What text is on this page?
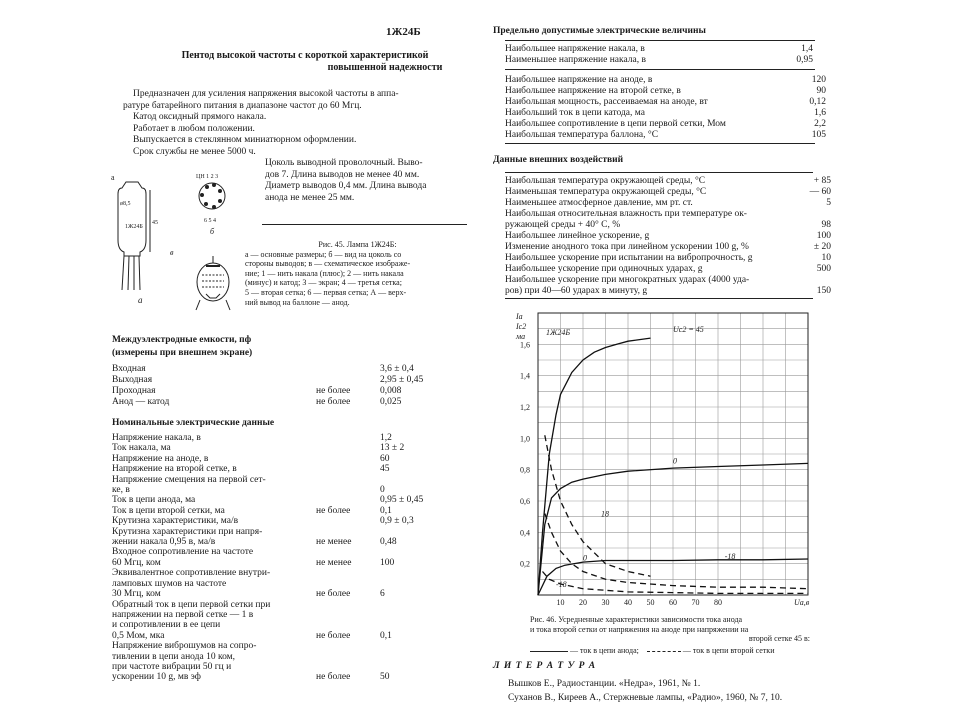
1Ж24Б
Пентод высокой частоты с короткой характеристикой
повышенной надежности
Предназначен для усиления напряжения высокой частоты в аппа-
ратуре батарейного питания в диапазоне частот до 60 Мгц.
Катод оксидный прямого накала.
Работает в любом положении.
Выпускается в стеклянном миниатюрном оформлении.
Срок службы не менее 5000 ч.
1Ж24Б
ø8,5
45
а
а
ЦН 1 2 3
6 5 4
б
в
Цоколь выводной проволочный. Выво-
дов 7. Длина выводов не менее 40 мм.
Диаметр выводов 0,4 мм. Длина вывода
анода не менее 25 мм.
Рис. 45. Лампа 1Ж24Б:
а — основные размеры; б — вид на цоколь со
стороны выводов; в — схематическое изображе-
ние; 1 — нить накала (плюс); 2 — нить накала
(минус) и катод; 3 — экран; 4 — третья сетка;
5 — вторая сетка; 6 — первая сетка; А — верх-
ний вывод на баллоне — анод.
Междуэлектродные емкости, пф
(измерены при внешнем экране)
Входная		3,6 ± 0,4
Выходная		2,95 ± 0,45
Проходная	не более	0,008
Анод — катод	не более	0,025
Номинальные электрические данные
Напряжение накала, в		1,2
Ток накала, ма		13 ± 2
Напряжение на аноде, в		60
Напряжение на второй сетке, в		45
Напряжение смещения на первой сет-		
ке, в		0
Ток в цепи анода, ма		0,95 ± 0,45
Ток в цепи второй сетки, ма	не более	0,1
Крутизна характеристики, ма/в		0,9 ± 0,3
Крутизна характеристики при напря-		
жении накала 0,95 в, ма/в	не менее	0,48
Входное сопротивление на частоте		
60 Мгц, ком	не менее	100
Эквивалентное сопротивление внутри-		
ламповых шумов на частоте		
30 Мгц, ком	не более	6
Обратный ток в цепи первой сетки при		
напряжении на первой сетке — 1 в		
и сопротивлении в ее цепи		
0,5 Мом, мка	не более	0,1
Напряжение виброшумов на сопро-		
тивлении в цепи анода 10 ком,		
при частоте вибрации 50 гц и		
ускорении 10 g, мв эф	не более	50
Предельно допустимые электрические величины
Наибольшее напряжение накала, в	1,4
Наименьшее напряжение накала, в	0,95
Наибольшее напряжение на аноде, в	120
Наибольшее напряжение на второй сетке, в	90
Наибольшая мощность, рассеиваемая на аноде, вт	0,12
Наибольший ток в цепи катода, ма	1,6
Наибольшее сопротивление в цепи первой сетки, Мом	2,2
Наибольшая температура баллона, °С	105
Данные внешних воздействий
Наибольшая температура окружающей среды, °С	+ 85
Наименьшая температура окружающей среды, °С	— 60
Наименьшее атмосферное давление, мм рт. ст.	5
Наибольшая относительная влажность при температуре ок-	
ружающей среды + 40° С, %	98
Наибольшее линейное ускорение, g	100
Изменение анодного тока при линейном ускорении 100 g, %	± 20
Наибольшее ускорение при испытании на вибропрочность, g	10
Наибольшее ускорение при одиночных ударах, g	500
Наибольшее ускорение при многократных ударах (4000 уда-	
ров) при 40—60 ударах в минуту, g	150
10 20 30 40 50 60 70 80
0,2
0,4
0,6
0,8
1,0
1,2
1,4
1,6
Uа,в
Iа
Iс2
ма	1Ж24Б	Uс2 = 45
0
18
-18
0
-18
Рис. 46. Усредненные характеристики зависимости тока анода
и тока второй сетки от напряжения на аноде при напряжении на
второй сетке 45 в:
— ток в цепи анода;	— ток в цепи второй сетки
Л И Т Е Р А Т У Р А
Вышков Е., Радиостанции. «Недра», 1961, № 1.
Суханов В., Киреев А., Стержневые лампы, «Радио», 1960, № 7, 10.
